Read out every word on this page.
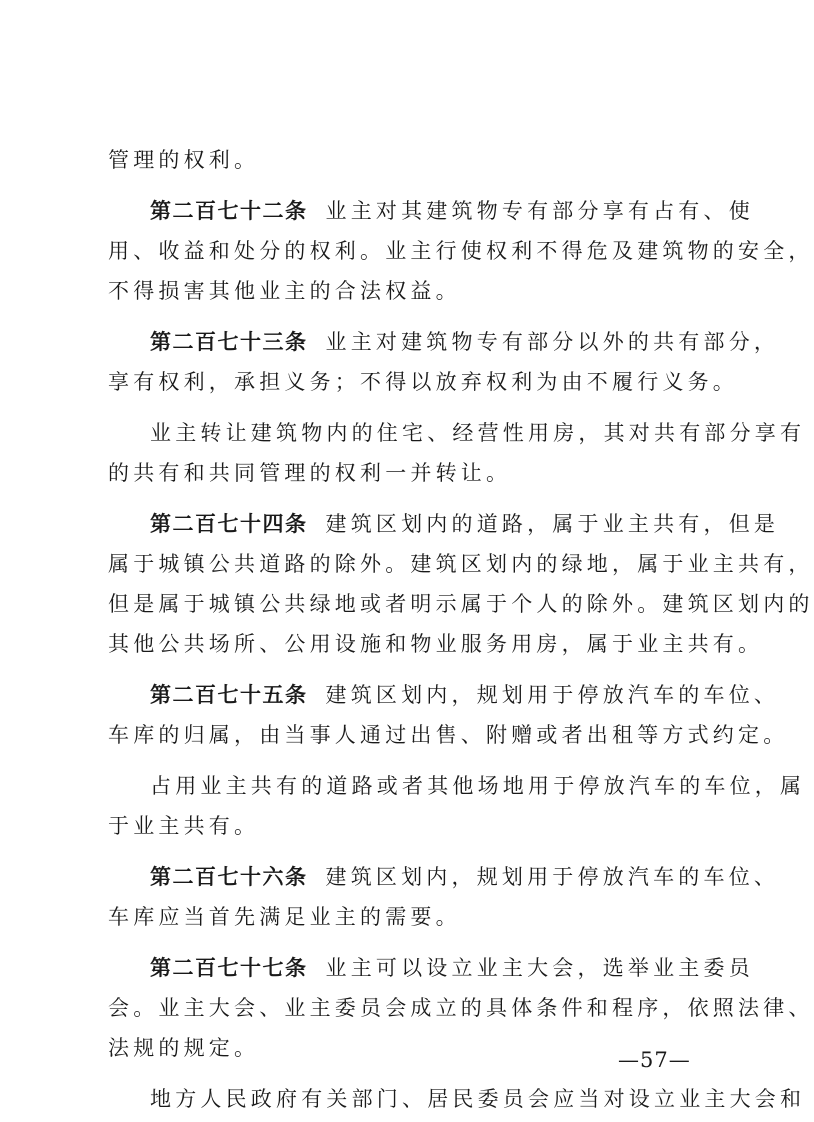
管理的权利。
第二百七十二条 业主对其建筑物专有部分享有占有、使
用、收益和处分的权利。业主行使权利不得危及建筑物的安全，
不得损害其他业主的合法权益。
第二百七十三条 业主对建筑物专有部分以外的共有部分，
享有权利，承担义务；不得以放弃权利为由不履行义务。
业主转让建筑物内的住宅、经营性用房，其对共有部分享有
的共有和共同管理的权利一并转让。
第二百七十四条 建筑区划内的道路，属于业主共有，但是
属于城镇公共道路的除外。建筑区划内的绿地，属于业主共有，
但是属于城镇公共绿地或者明示属于个人的除外。建筑区划内的
其他公共场所、公用设施和物业服务用房，属于业主共有。
第二百七十五条 建筑区划内，规划用于停放汽车的车位、
车库的归属，由当事人通过出售、附赠或者出租等方式约定。
占用业主共有的道路或者其他场地用于停放汽车的车位，属
于业主共有。
第二百七十六条 建筑区划内，规划用于停放汽车的车位、
车库应当首先满足业主的需要。
第二百七十七条 业主可以设立业主大会，选举业主委员
会。业主大会、业主委员会成立的具体条件和程序，依照法律、
法规的规定。
地方人民政府有关部门、居民委员会应当对设立业主大会和
—57—
